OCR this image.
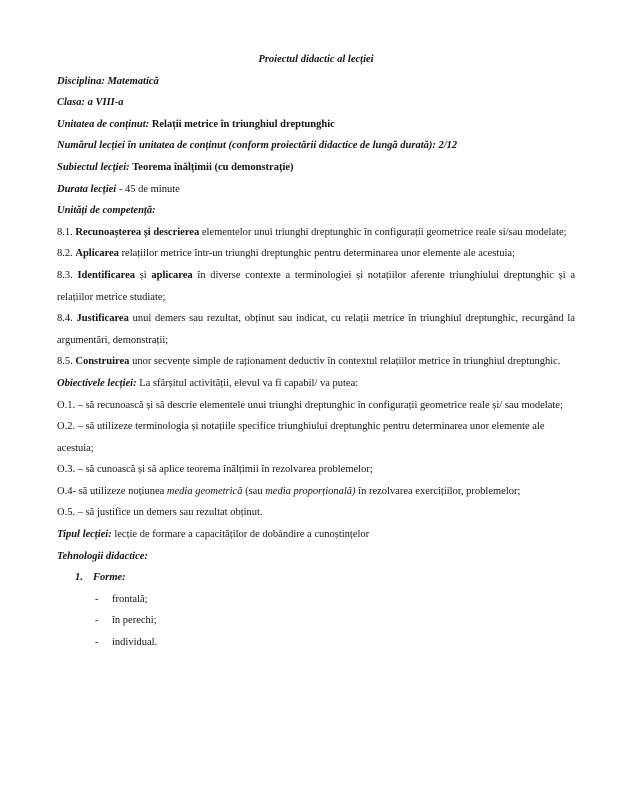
Proiectul didactic al lecției

Disciplina: Matematică

Clasa: a VIII-a

Unitatea de conținut: Relații metrice în triunghiul dreptunghic

Numărul lecției în unitatea de conținut (conform proiectării didactice de lungă durată): 2/12

Subiectul lecției: Teorema înălțimii (cu demonstrație)

Durata lecției - 45 de minute

Unități de competență:

8.1. Recunoașterea și descrierea elementelor unui triunghi dreptunghic în configurații geometrice reale si/sau modelate;

8.2. Aplicarea relațiilor metrice într-un triunghi dreptunghic pentru determinarea unor elemente ale acestuia;

8.3. Identificarea și aplicarea în diverse contexte a terminologiei și notațiilor aferente triunghiului dreptunghic și a relațiilor metrice studiate;

8.4. Justificarea unui demers sau rezultat, obținut sau indicat, cu relații metrice în triunghiul dreptunghic, recurgând la argumentări, demonstrații;

8.5. Construirea unor secvențe simple de raționament deductiv în contextul relațiilor metrice în triunghiul dreptunghic.

Obiectivele lecției: La sfârșitul activității, elevul va fi capabil/ va putea:

O.1. – să recunoască și să descrie elementele unui triunghi dreptunghic în configurații geometrice reale și/ sau modelate;

O.2. – să utilizeze terminologia și notațiile specifice triunghiului dreptunghic pentru determinarea unor elemente ale acestuia;

O.3. – să cunoască și să aplice teorema înălțimii în rezolvarea problemelor;

O.4- să utilizeze noțiunea media geometrică (sau media proporțională) în rezolvarea exercițiilor, problemelor;

O.5. – să justifice un demers sau rezultat obținut.

Tipul lecției: lecție de formare a capacităților de dobândire a cunoștințelor

Tehnologii didactice:

1. Forme:

- frontală;

- în perechi;

- individual.
